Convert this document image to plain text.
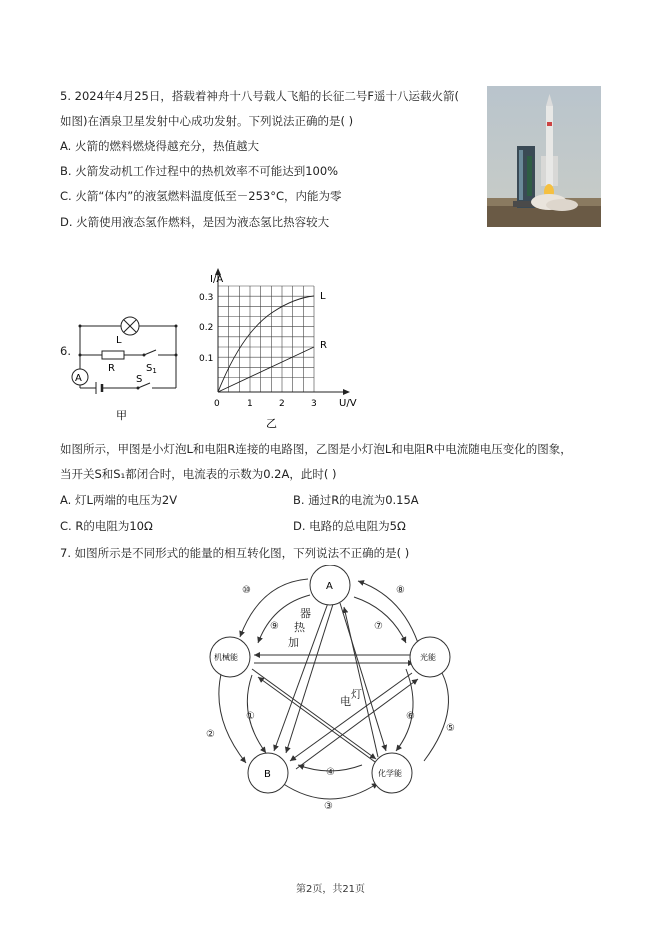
5. 2024年4月25日，搭载着神舟十八号载人飞船的长征二号F遥十八运载火箭(
如图)在酒泉卫星发射中心成功发射。下列说法正确的是( )
A. 火箭的燃料燃烧得越充分，热值越大
B. 火箭发动机工作过程中的热机效率不可能达到100%
C. 火箭“体内”的液氢燃料温度低至－253°C，内能为零
D. 火箭使用液态氢作燃料，是因为液态氢比热容较大
6.
L
R	$S_1$
A	S
甲
I/A
0.3
0.2
0.1
0	1	2	3 U/V
L
R
乙
如图所示，甲图是小灯泡L和电阻R连接的电路图，乙图是小灯泡L和电阻R中电流随电压变化的图象，
当开关S和S₁都闭合时，电流表的示数为0.2A，此时( )
A. 灯L两端的电压为2V	B. 通过R的电流为0.15A
C. R的电阻为10Ω	D. 电路的总电阻为5Ω
7. 如图所示是不同形式的能量的相互转化图，下列说法不正确的是( )
A
机械能	光能
B	化学能
①
②
③
④
⑤
⑥
⑦
⑧
⑨
⑩
器
热
加
电
灯
第2页，共21页
